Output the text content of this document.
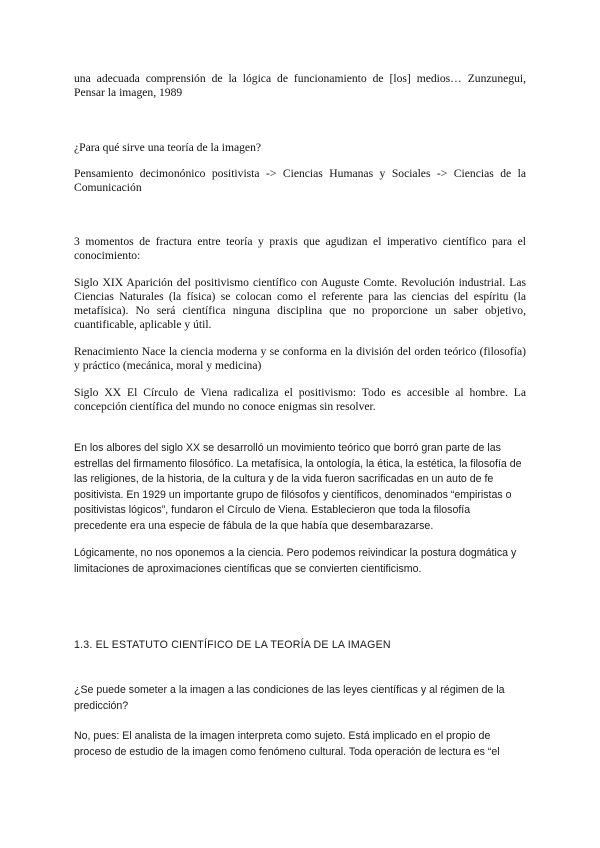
una adecuada comprensión de la lógica de funcionamiento de [los] medios… Zunzunegui, Pensar la imagen, 1989

¿Para qué sirve una teoría de la imagen?

Pensamiento decimonónico positivista -> Ciencias Humanas y Sociales -> Ciencias de la Comunicación

3 momentos de fractura entre teoría y praxis que agudizan el imperativo científico para el conocimiento:

Siglo XIX Aparición del positivismo científico con Auguste Comte. Revolución industrial. Las Ciencias Naturales (la física) se colocan como el referente para las ciencias del espíritu (la metafísica). No será científica ninguna disciplina que no proporcione un saber objetivo, cuantificable, aplicable y útil.

Renacimiento Nace la ciencia moderna y se conforma en la división del orden teórico (filosofía) y práctico (mecánica, moral y medicina)

Siglo XX El Círculo de Viena radicaliza el positivismo: Todo es accesible al hombre. La concepción científica del mundo no conoce enigmas sin resolver.

En los albores del siglo XX se desarrolló un movimiento teórico que borró gran parte de las estrellas del firmamento filosófico. La metafísica, la ontología, la ética, la estética, la filosofía de las religiones, de la historia, de la cultura y de la vida fueron sacrificadas en un auto de fe positivista. En 1929 un importante grupo de filósofos y científicos, denominados “empiristas o positivistas lógicos”, fundaron el Círculo de Viena. Establecieron que toda la filosofía precedente era una especie de fábula de la que había que desembarazarse.

Lógicamente, no nos oponemos a la ciencia. Pero podemos reivindicar la postura dogmática y limitaciones de aproximaciones científicas que se convierten cientificismo.

1.3. EL ESTATUTO CIENTÍFICO DE LA TEORÍA DE LA IMAGEN

¿Se puede someter a la imagen a las condiciones de las leyes científicas y al régimen de la predicción?

No, pues: El analista de la imagen interpreta como sujeto. Está implicado en el propio de proceso de estudio de la imagen como fenómeno cultural. Toda operación de lectura es “el
